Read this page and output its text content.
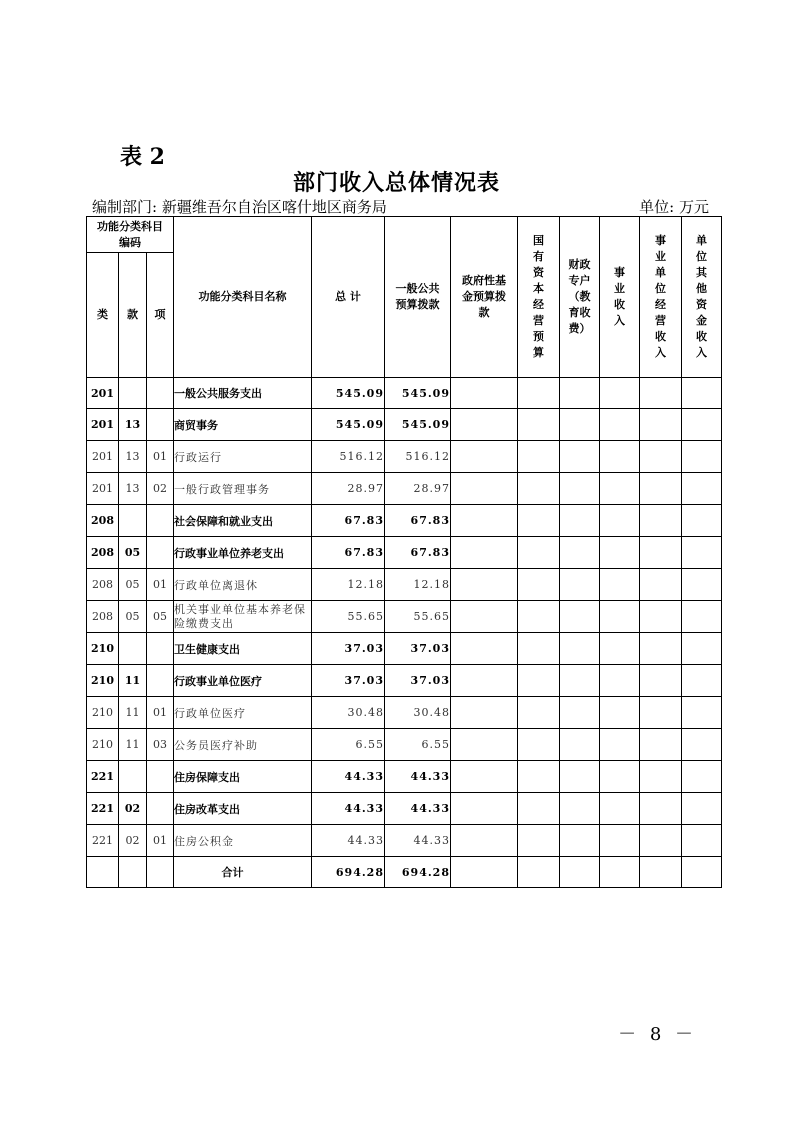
表 2
部门收入总体情况表
编制部门: 新疆维吾尔自治区喀什地区商务局	单位: 万元
功能分类科目编码			功能分类科目名称	总 计	一般公共预算拨款	政府性基金预算拨款	国有资本经营预算	财政专户（教育收费）	事业收入	事业单位经营收入	单位其他资金收入

类	款	项									
201			一般公共服务支出	545.09	545.09						
201	13		商贸事务	545.09	545.09						
201	13	01	行政运行	516.12	516.12						
201	13	02	一般行政管理事务	28.97	28.97						
208			社会保障和就业支出	67.83	67.83						
208	05		行政事业单位养老支出	67.83	67.83						
208	05	01	行政单位离退休	12.18	12.18						
208	05	05	机关事业单位基本养老保险缴费支出	55.65	55.65						
210			卫生健康支出	37.03	37.03						
210	11		行政事业单位医疗	37.03	37.03						
210	11	01	行政单位医疗	30.48	30.48						
210	11	03	公务员医疗补助	6.55	6.55						
221			住房保障支出	44.33	44.33						
221	02		住房改革支出	44.33	44.33						
221	02	01	住房公积金	44.33	44.33						
			合计	694.28	694.28						
－ 8 －
